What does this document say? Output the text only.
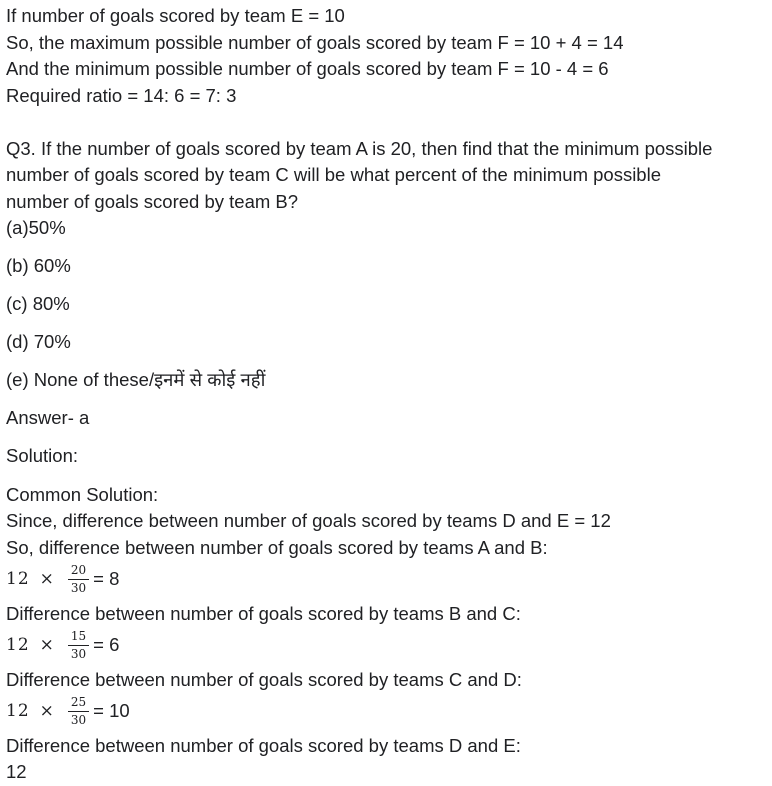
If number of goals scored by team E = 10
So, the maximum possible number of goals scored by team F = 10 + 4 = 14
And the minimum possible number of goals scored by team F = 10 - 4 = 6
Required ratio = 14: 6 = 7: 3
Q3. If the number of goals scored by team A is 20, then find that the minimum possible
number of goals scored by team C will be what percent of the minimum possible
number of goals scored by team B?
(a)50%
(b) 60%
(c) 80%
(d) 70%
(e) None of these/इनमें से कोई नहीं
Answer- a
Solution:
Common Solution:
Since, difference between number of goals scored by teams D and E = 12
So, difference between number of goals scored by teams A and B:
$12 \times \frac{20}{30} = 8$
Difference between number of goals scored by teams B and C:
$12 \times \frac{15}{30} = 6$
Difference between number of goals scored by teams C and D:
$12 \times \frac{25}{30} = 10$
Difference between number of goals scored by teams D and E:
12
